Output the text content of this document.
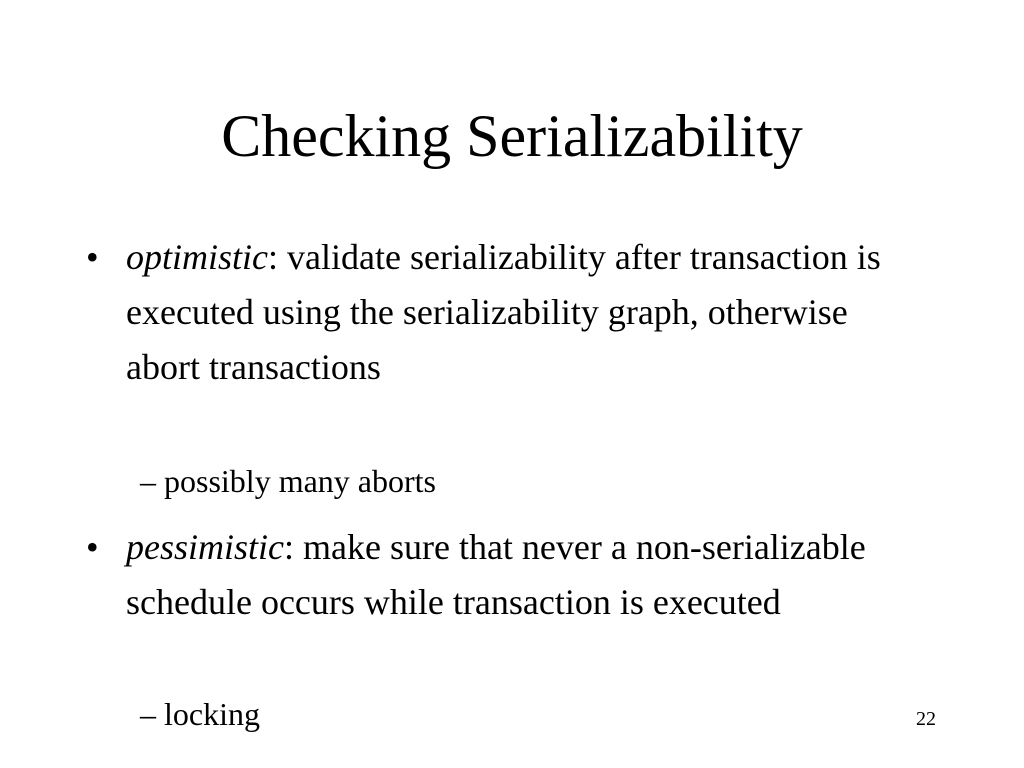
Checking Serializability
• optimistic: validate serializability after transaction is executed using the serializability graph, otherwise abort transactions
– possibly many aborts
• pessimistic: make sure that never a non-serializable schedule occurs while transaction is executed
– locking	22
